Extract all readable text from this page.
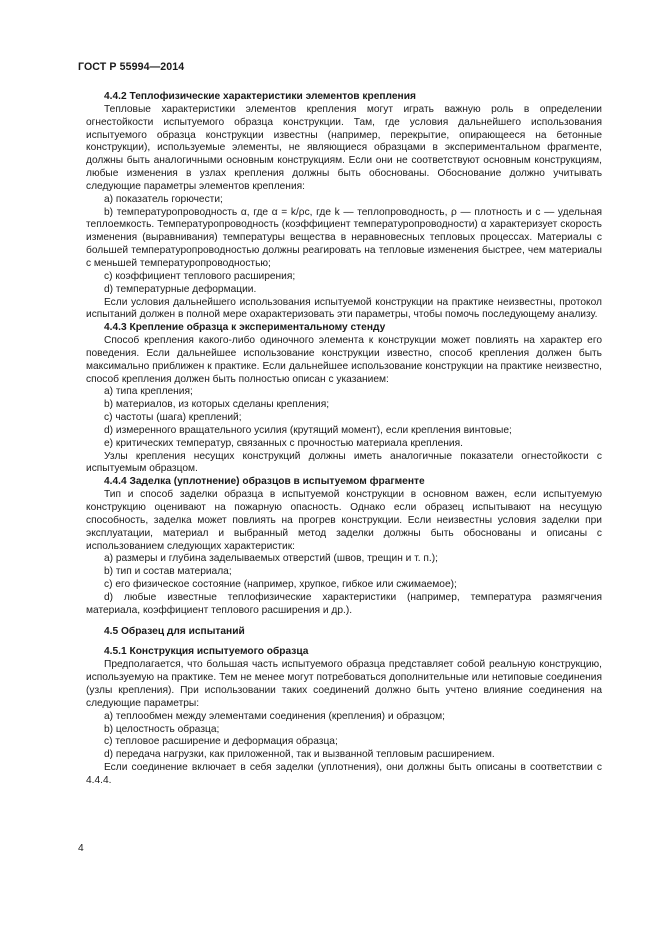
ГОСТ Р 55994—2014

4.4.2 Теплофизические характеристики элементов крепления

Тепловые характеристики элементов крепления могут играть важную роль в определении огнестойкости испытуемого образца конструкции. Там, где условия дальнейшего использования испытуемого образца конструкции известны (например, перекрытие, опирающееся на бетонные конструкции), используемые элементы, не являющиеся образцами в экспериментальном фрагменте, должны быть аналогичными основным конструкциям. Если они не соответствуют основным конструкциям, любые изменения в узлах крепления должны быть обоснованы. Обоснование должно учитывать следующие параметры элементов крепления:

a) показатель горючести;

b) температуропроводность α, где α = k/ρc, где k — теплопроводность, ρ — плотность и c — удельная теплоемкость. Температуропроводность (коэффициент температуропроводности) α характеризует скорость изменения (выравнивания) температуры вещества в неравновесных тепловых процессах. Материалы с большей температуропроводностью должны реагировать на тепловые изменения быстрее, чем материалы с меньшей температуропроводностью;

c) коэффициент теплового расширения;

d) температурные деформации.

Если условия дальнейшего использования испытуемой конструкции на практике неизвестны, протокол испытаний должен в полной мере охарактеризовать эти параметры, чтобы помочь последующему анализу.

4.4.3 Крепление образца к экспериментальному стенду

Способ крепления какого-либо одиночного элемента к конструкции может повлиять на характер его поведения. Если дальнейшее использование конструкции известно, способ крепления должен быть максимально приближен к практике. Если дальнейшее использование конструкции на практике неизвестно, способ крепления должен быть полностью описан с указанием:

a) типа крепления;

b) материалов, из которых сделаны крепления;

c) частоты (шага) креплений;

d) измеренного вращательного усилия (крутящий момент), если крепления винтовые;

e) критических температур, связанных с прочностью материала крепления.

Узлы крепления несущих конструкций должны иметь аналогичные показатели огнестойкости с испытуемым образцом.

4.4.4 Заделка (уплотнение) образцов в испытуемом фрагменте

Тип и способ заделки образца в испытуемой конструкции в основном важен, если испытуемую конструкцию оценивают на пожарную опасность. Однако если образец испытывают на несущую способность, заделка может повлиять на прогрев конструкции. Если неизвестны условия заделки при эксплуатации, материал и выбранный метод заделки должны быть обоснованы и описаны с использованием следующих характеристик:

a) размеры и глубина заделываемых отверстий (швов, трещин и т. п.);

b) тип и состав материала;

c) его физическое состояние (например, хрупкое, гибкое или сжимаемое);

d) любые известные теплофизические характеристики (например, температура размягчения материала, коэффициент теплового расширения и др.).

4.5 Образец для испытаний

4.5.1 Конструкция испытуемого образца

Предполагается, что большая часть испытуемого образца представляет собой реальную конструкцию, используемую на практике. Тем не менее могут потребоваться дополнительные или нетиповые соединения (узлы крепления). При использовании таких соединений должно быть учтено влияние соединения на следующие параметры:

a) теплообмен между элементами соединения (крепления) и образцом;

b) целостность образца;

c) тепловое расширение и деформация образца;

d) передача нагрузки, как приложенной, так и вызванной тепловым расширением.

Если соединение включает в себя заделки (уплотнения), они должны быть описаны в соответствии с 4.4.4.

4
